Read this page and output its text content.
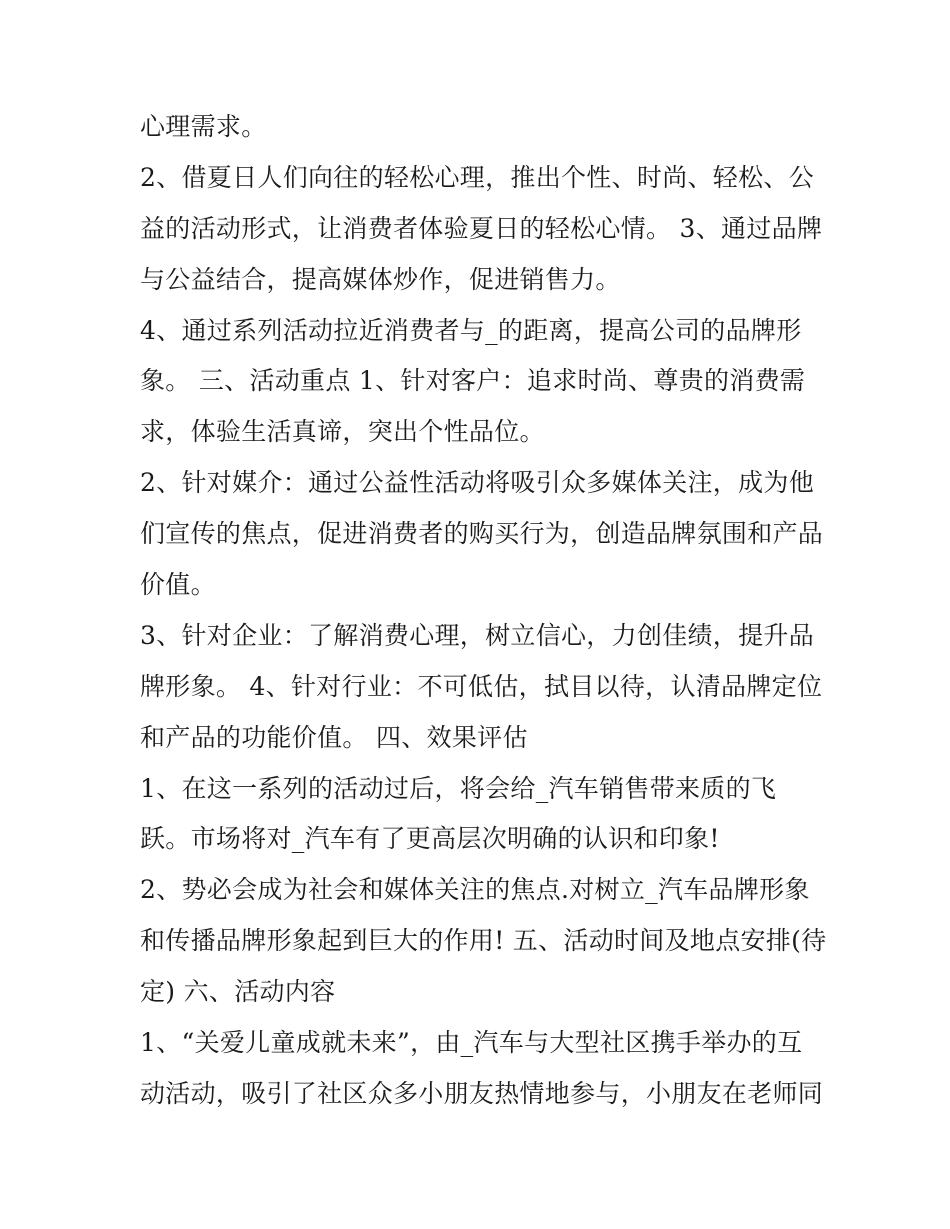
心理需求。
2、借夏日人们向往的轻松心理，推出个性、时尚、轻松、公
益的活动形式，让消费者体验夏日的轻松心情。 3、通过品牌
与公益结合，提高媒体炒作，促进销售力。
4、通过系列活动拉近消费者与_的距离，提高公司的品牌形
象。 三、活动重点 1、针对客户：追求时尚、尊贵的消费需
求，体验生活真谛，突出个性品位。
2、针对媒介：通过公益性活动将吸引众多媒体关注，成为他
们宣传的焦点，促进消费者的购买行为，创造品牌氛围和产品
价值。
3、针对企业：了解消费心理，树立信心，力创佳绩，提升品
牌形象。 4、针对行业：不可低估，拭目以待，认清品牌定位
和产品的功能价值。 四、效果评估
1、在这一系列的活动过后，将会给_汽车销售带来质的飞
跃。市场将对_汽车有了更高层次明确的认识和印象!
2、势必会成为社会和媒体关注的焦点.对树立_汽车品牌形象
和传播品牌形象起到巨大的作用! 五、活动时间及地点安排(待
定) 六、活动内容
1、“关爱儿童成就未来”，由_汽车与大型社区携手举办的互
动活动，吸引了社区众多小朋友热情地参与，小朋友在老师同
